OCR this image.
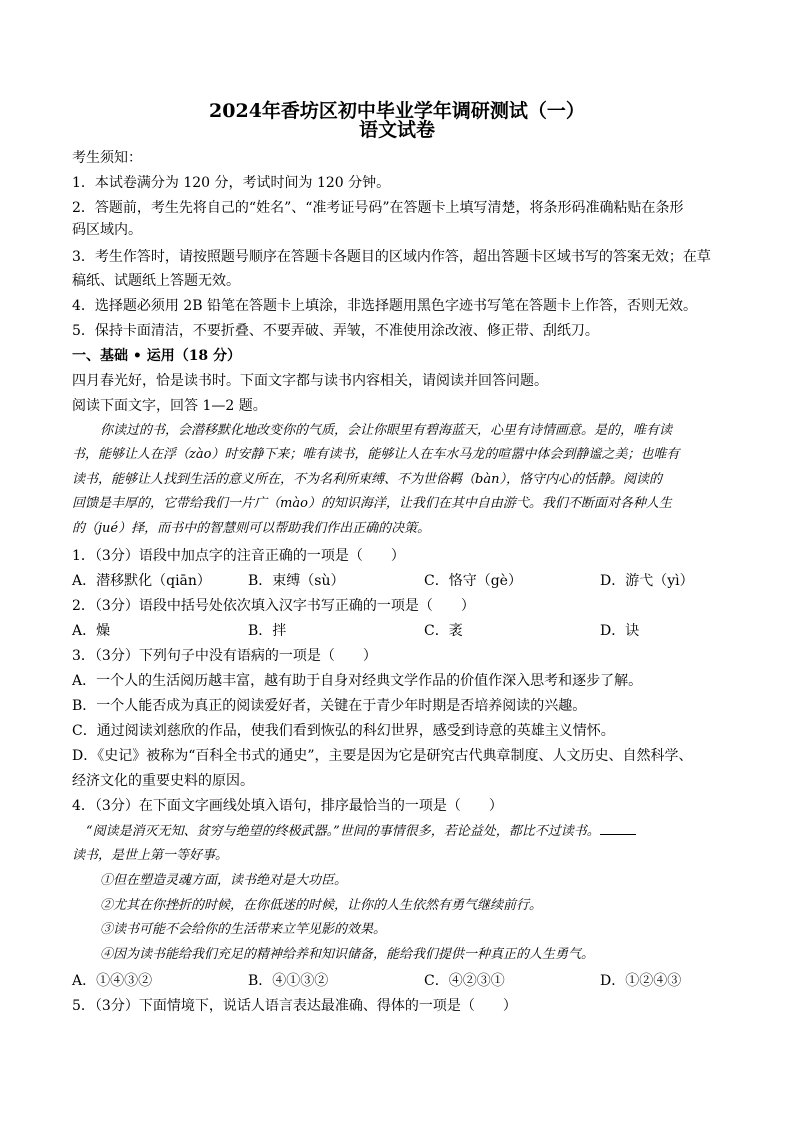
2024年香坊区初中毕业学年调研测试（一）
语文试卷
考生须知：
1．本试卷满分为 120 分，考试时间为 120 分钟。
2．答题前，考生先将自己的“姓名”、“准考证号码”在答题卡上填写清楚，将条形码准确粘贴在条形
码区域内。
3．考生作答时，请按照题号顺序在答题卡各题目的区域内作答，超出答题卡区域书写的答案无效；在草
稿纸、试题纸上答题无效。
4．选择题必须用 2B 铅笔在答题卡上填涂，非选择题用黑色字迹书写笔在答题卡上作答，否则无效。
5．保持卡面清洁，不要折叠、不要弄破、弄皱，不准使用涂改液、修正带、刮纸刀。
一、基础 • 运用（18 分）
四月春光好，恰是读书时。下面文字都与读书内容相关，请阅读并回答问题。
阅读下面文字，回答 1—2 题。
你读过的书，会潜移默化地改变你的气质，会让你眼里有碧海蓝天，心里有诗情画意。是的，唯有读
书，能够让人在浮（zào）时安静下来；唯有读书，能够让人在车水马龙的喧嚣中体会到静谧之美；也唯有
读书，能够让人找到生活的意义所在，不为名利所束缚、不为世俗羁（bàn），恪守内心的恬静。阅读的
回馈是丰厚的，它带给我们一片广（mào）的知识海洋，让我们在其中自由游弋。我们不断面对各种人生
的（jué）择，而书中的智慧则可以帮助我们作出正确的决策。
1．（3分）语段中加点字的注音正确的一项是（　　）
A．潜移默化（qiān）	B．束缚（sù）	C．恪守（gè）	D．游弋（yì）
2．（3分）语段中括号处依次填入汉字书写正确的一项是（　　）
A．燥	B．拌	C．袤	D．诀
3．（3分）下列句子中没有语病的一项是（　　）
A．一个人的生活阅历越丰富，越有助于自身对经典文学作品的价值作深入思考和逐步了解。
B．一个人能否成为真正的阅读爱好者，关键在于青少年时期是否培养阅读的兴趣。
C．通过阅读刘慈欣的作品，使我们看到恢弘的科幻世界，感受到诗意的英雄主义情怀。
D．《史记》被称为“百科全书式的通史”，主要是因为它是研究古代典章制度、人文历史、自然科学、
经济文化的重要史料的原因。
4．（3分）在下面文字画线处填入语句，排序最恰当的一项是（　　）
“阅读是消灭无知、贫穷与绝望的终极武器。”世间的事情很多，若论益处，都比不过读书。
读书，是世上第一等好事。
①但在塑造灵魂方面，读书绝对是大功臣。
②尤其在你挫折的时候，在你低迷的时候，让你的人生依然有勇气继续前行。
③读书可能不会给你的生活带来立竿见影的效果。
④因为读书能给我们充足的精神给养和知识储备，能给我们提供一种真正的人生勇气。
A．①④③②	B．④①③②	C．④②③①	D．①②④③
5．（3分）下面情境下，说话人语言表达最准确、得体的一项是（　　）
